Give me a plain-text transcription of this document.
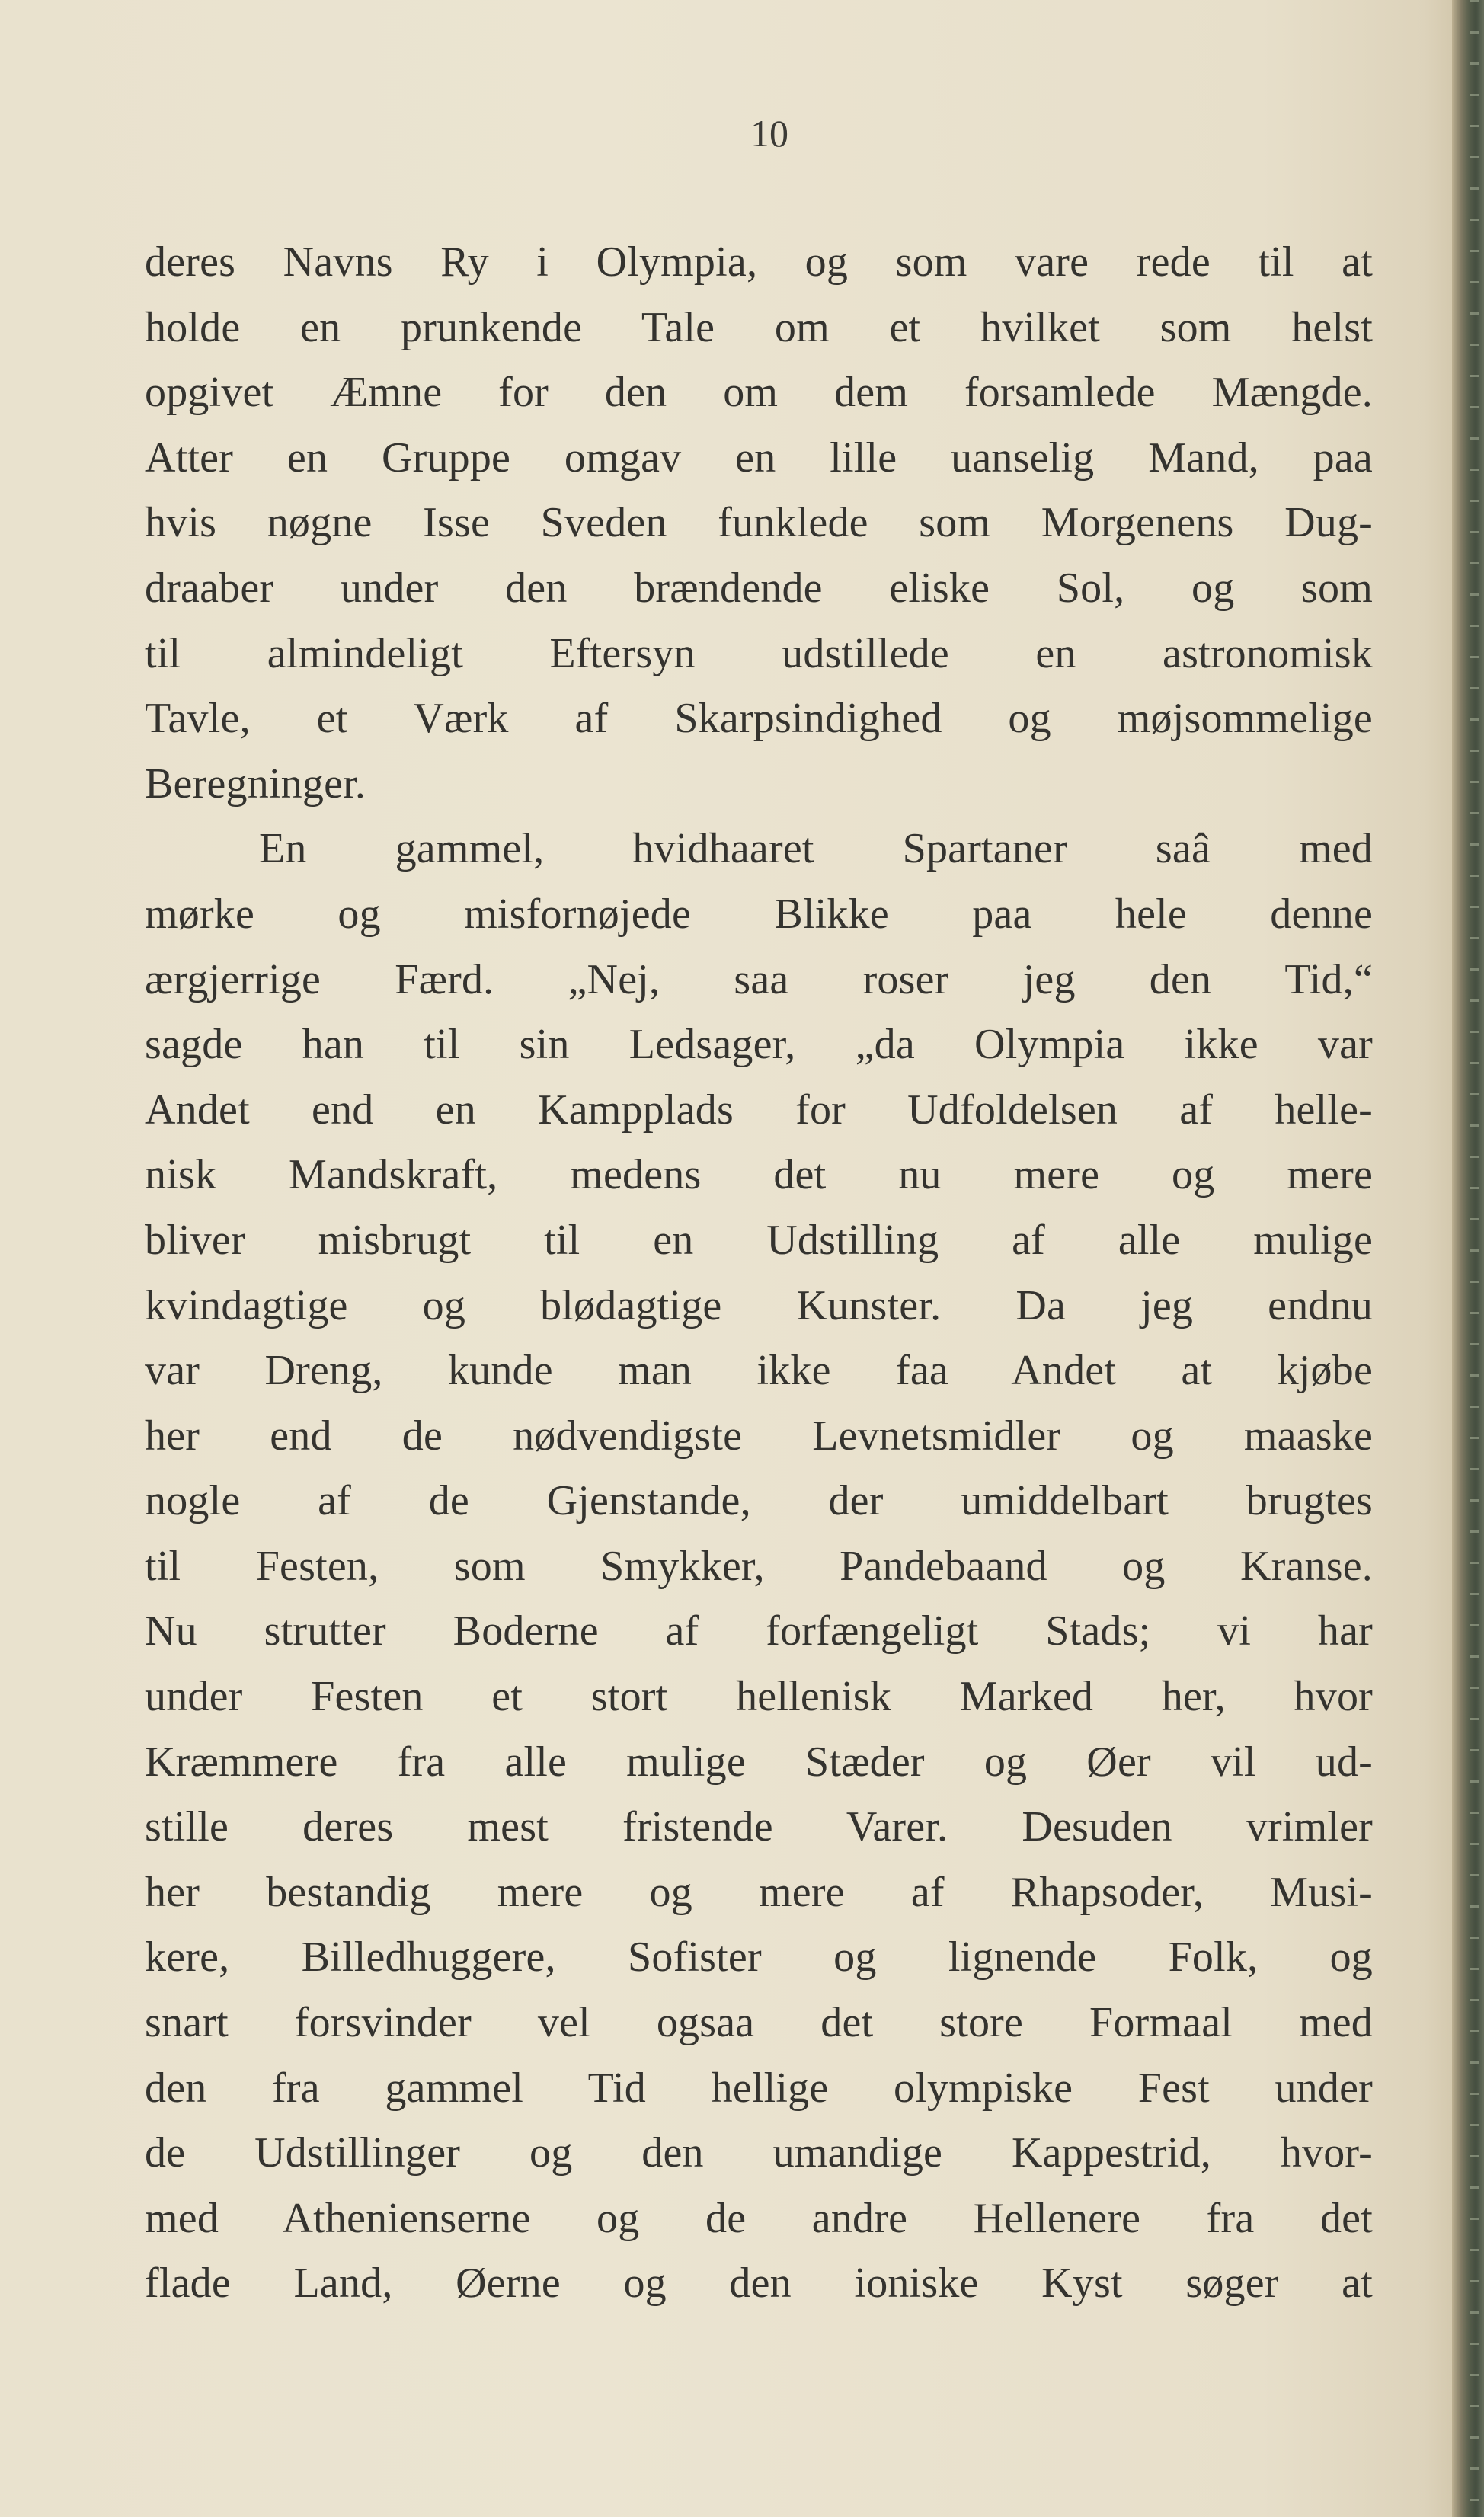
10
deres Navns Ry i Olympia, og som vare rede til at
holde en prunkende Tale om et hvilket som helst
opgivet Æmne for den om dem forsamlede Mængde.
Atter en Gruppe omgav en lille uanselig Mand, paa
hvis nøgne Isse Sveden funklede som Morgenens Dug-
draaber under den brændende eliske Sol, og som
til almindeligt Eftersyn udstillede en astronomisk
Tavle, et Værk af Skarpsindighed og møjsommelige
Beregninger.
En gammel, hvidhaaret Spartaner saâ med
mørke og misfornøjede Blikke paa hele denne
ærgjerrige Færd. „Nej, saa roser jeg den Tid,“
sagde han til sin Ledsager, „da Olympia ikke var
Andet end en Kampplads for Udfoldelsen af helle-
nisk Mandskraft, medens det nu mere og mere
bliver misbrugt til en Udstilling af alle mulige
kvindagtige og blødagtige Kunster. Da jeg endnu
var Dreng, kunde man ikke faa Andet at kjøbe
her end de nødvendigste Levnetsmidler og maaske
nogle af de Gjenstande, der umiddelbart brugtes
til Festen, som Smykker, Pandebaand og Kranse.
Nu strutter Boderne af forfængeligt Stads; vi har
under Festen et stort hellenisk Marked her, hvor
Kræmmere fra alle mulige Stæder og Øer vil ud-
stille deres mest fristende Varer. Desuden vrimler
her bestandig mere og mere af Rhapsoder, Musi-
kere, Billedhuggere, Sofister og lignende Folk, og
snart forsvinder vel ogsaa det store Formaal med
den fra gammel Tid hellige olympiske Fest under
de Udstillinger og den umandige Kappestrid, hvor-
med Athenienserne og de andre Hellenere fra det
flade Land, Øerne og den ioniske Kyst søger at
